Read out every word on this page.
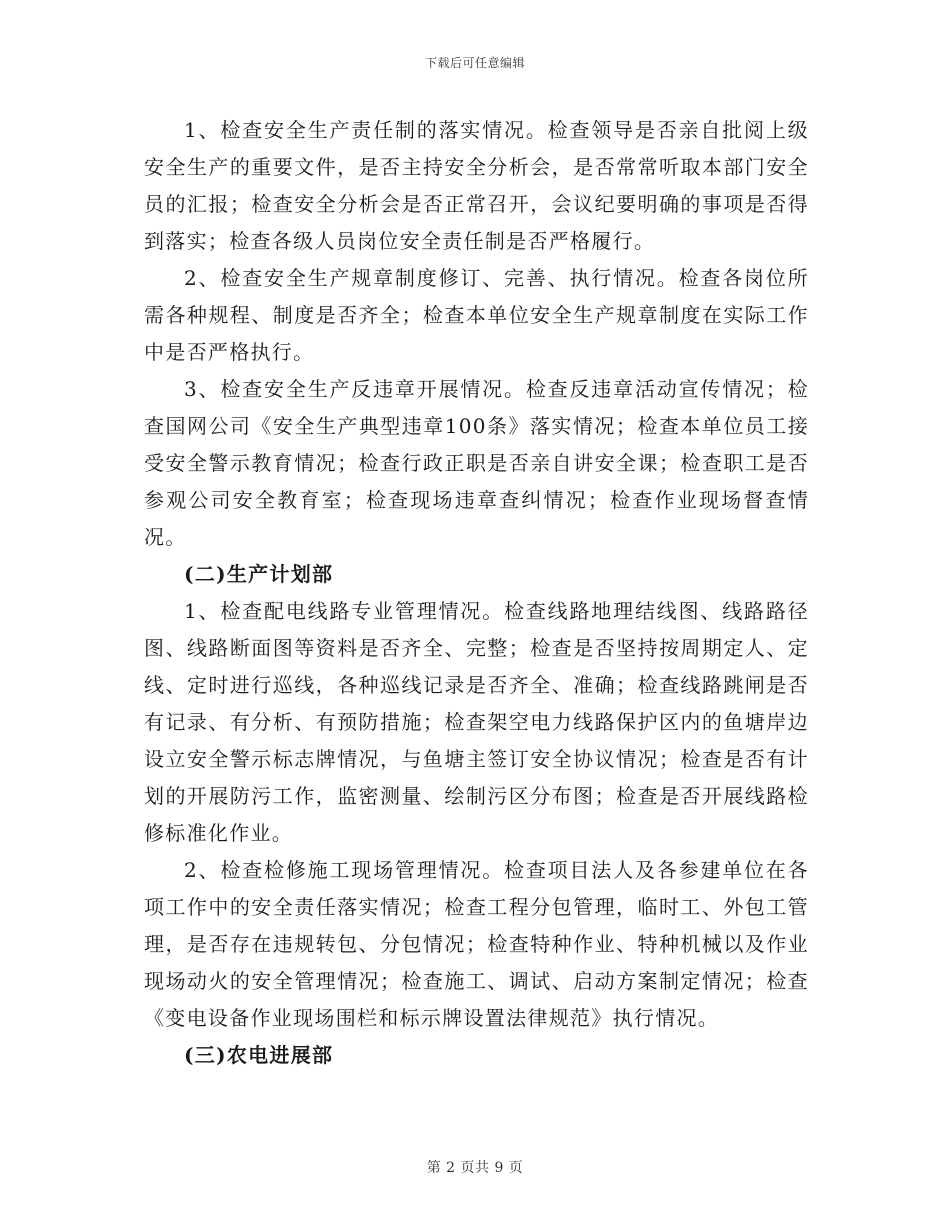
下载后可任意编辑

1、检查安全生产责任制的落实情况。检查领导是否亲自批阅上级安全生产的重要文件，是否主持安全分析会，是否常常听取本部门安全员的汇报；检查安全分析会是否正常召开，会议纪要明确的事项是否得到落实；检查各级人员岗位安全责任制是否严格履行。

2、检查安全生产规章制度修订、完善、执行情况。检查各岗位所需各种规程、制度是否齐全；检查本单位安全生产规章制度在实际工作中是否严格执行。

3、检查安全生产反违章开展情况。检查反违章活动宣传情况；检查国网公司《安全生产典型违章100条》落实情况；检查本单位员工接受安全警示教育情况；检查行政正职是否亲自讲安全课；检查职工是否参观公司安全教育室；检查现场违章查纠情况；检查作业现场督查情况。

(二)生产计划部

1、检查配电线路专业管理情况。检查线路地理结线图、线路路径图、线路断面图等资料是否齐全、完整；检查是否坚持按周期定人、定线、定时进行巡线，各种巡线记录是否齐全、准确；检查线路跳闸是否有记录、有分析、有预防措施；检查架空电力线路保护区内的鱼塘岸边设立安全警示标志牌情况，与鱼塘主签订安全协议情况；检查是否有计划的开展防污工作，监密测量、绘制污区分布图；检查是否开展线路检修标准化作业。

2、检查检修施工现场管理情况。检查项目法人及各参建单位在各项工作中的安全责任落实情况；检查工程分包管理，临时工、外包工管理，是否存在违规转包、分包情况；检查特种作业、特种机械以及作业现场动火的安全管理情况；检查施工、调试、启动方案制定情况；检查《变电设备作业现场围栏和标示牌设置法律规范》执行情况。

(三)农电进展部

第 2 页共 9 页
